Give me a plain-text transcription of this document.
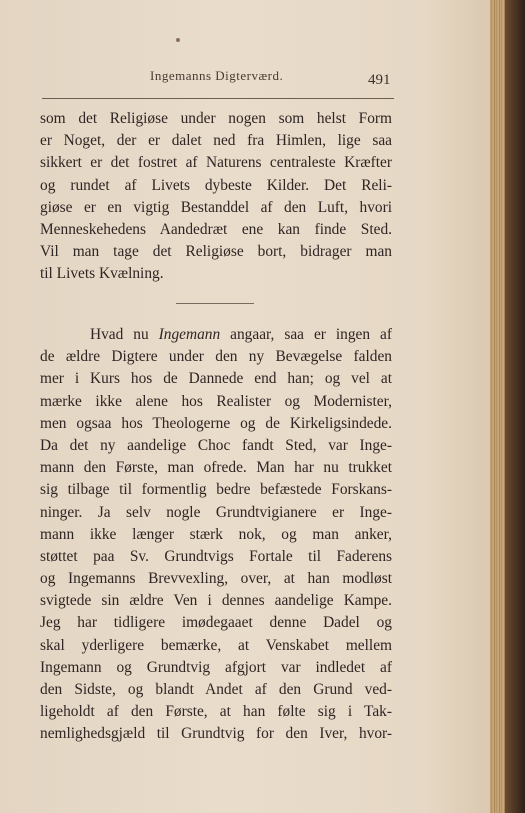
Ingemanns Digterværd.	491
som det Religiøse under nogen som helst Form
er Noget, der er dalet ned fra Himlen, lige saa
sikkert er det fostret af Naturens centraleste Kræfter
og rundet af Livets dybeste Kilder. Det Reli-
giøse er en vigtig Bestanddel af den Luft, hvori
Menneskehedens Aandedræt ene kan finde Sted.
Vil man tage det Religiøse bort, bidrager man
til Livets Kvælning.
Hvad nu Ingemann angaar, saa er ingen af
de ældre Digtere under den ny Bevægelse falden
mer i Kurs hos de Dannede end han; og vel at
mærke ikke alene hos Realister og Modernister,
men ogsaa hos Theologerne og de Kirkeligsindede.
Da det ny aandelige Choc fandt Sted, var Inge-
mann den Første, man ofrede. Man har nu trukket
sig tilbage til formentlig bedre befæstede Forskans-
ninger. Ja selv nogle Grundtvigianere er Inge-
mann ikke længer stærk nok, og man anker,
støttet paa Sv. Grundtvigs Fortale til Faderens
og Ingemanns Brevvexling, over, at han modløst
svigtede sin ældre Ven i dennes aandelige Kampe.
Jeg har tidligere imødegaaet denne Dadel og
skal yderligere bemærke, at Venskabet mellem
Ingemann og Grundtvig afgjort var indledet af
den Sidste, og blandt Andet af den Grund ved-
ligeholdt af den Første, at han følte sig i Tak-
nemlighedsgjæld til Grundtvig for den Iver, hvor-
